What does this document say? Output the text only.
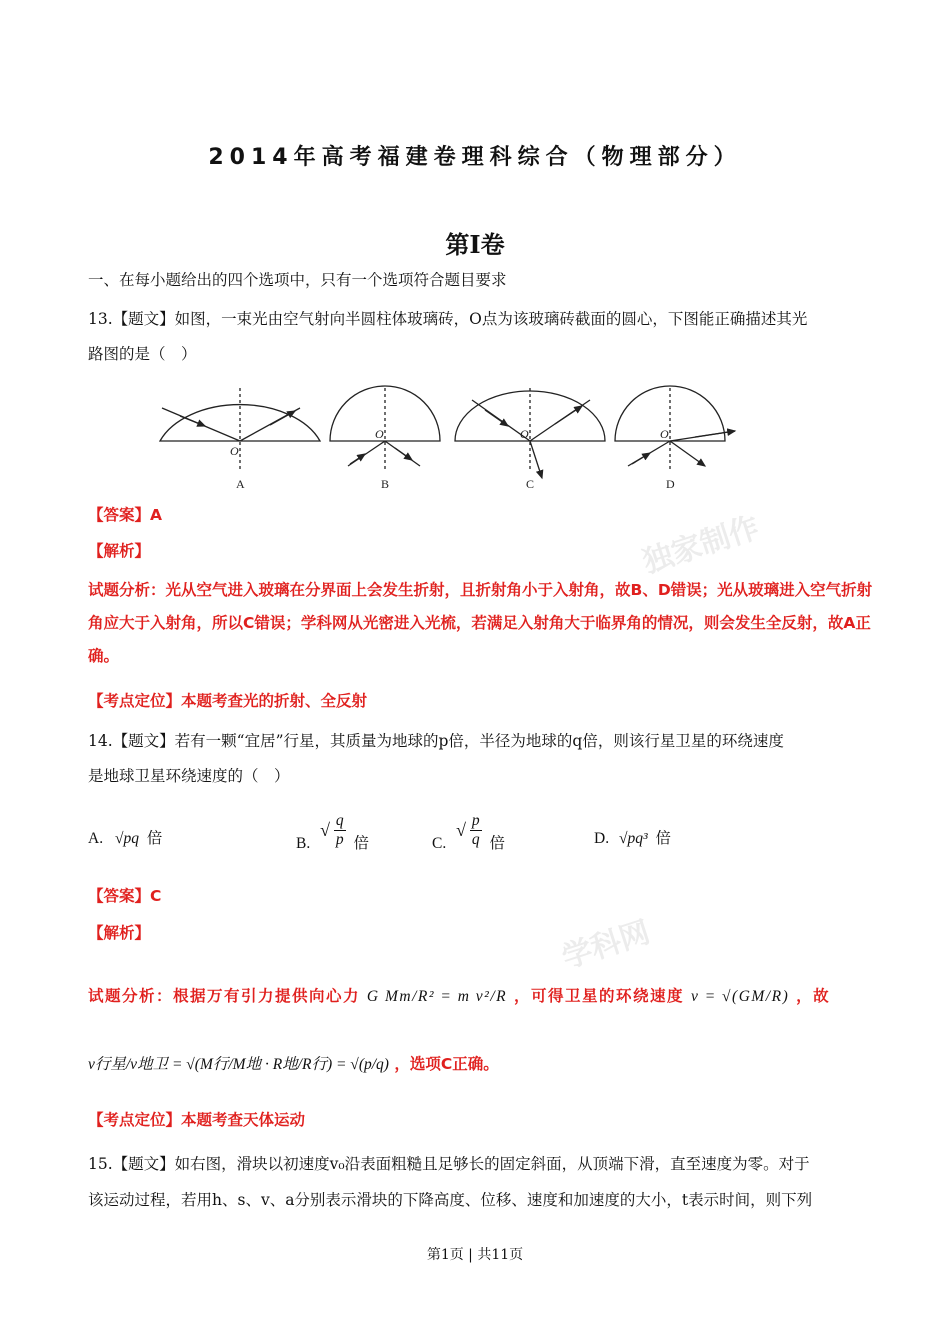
独家制作
学科网
2014年高考福建卷理科综合（物理部分）
第I卷
一、在每小题给出的四个选项中，只有一个选项符合题目要求
13.【题文】如图，一束光由空气射向半圆柱体玻璃砖，O点为该玻璃砖截面的圆心，下图能正确描述其光
路图的是（　）
O
O	O	O
A	B	C	D
【答案】A
【解析】
试题分析：光从空气进入玻璃在分界面上会发生折射，且折射角小于入射角，故B、D错误；光从玻璃进入空气折射角应大于入射角，所以C错误；学科网从光密进入光梳，若满足入射角大于临界角的情况，则会发生全反射，故A正确。
【考点定位】本题考查光的折射、全反射
14.【题文】若有一颗“宜居”行星，其质量为地球的p倍，半径为地球的q倍，则该行星卫星的环绕速度
是地球卫星环绕速度的（　）
A. √pq 倍	B. √ $\frac{q}{p}$ 倍	C. √ $\frac{p}{q}$ 倍	D. √pq³ 倍
【答案】C
【解析】
试题分析：根据万有引力提供向心力 G Mm/R² = m v²/R ，可得卫星的环绕速度 v = √(GM/R) ，故
v行星/v地卫 = √(M行/M地 · R地/R行) = √(p/q) ，选项C正确。
【考点定位】本题考查天体运动
15.【题文】如右图，滑块以初速度v₀沿表面粗糙且足够长的固定斜面，从顶端下滑，直至速度为零。对于
该运动过程，若用h、s、v、a分别表示滑块的下降高度、位移、速度和加速度的大小，t表示时间，则下列
第1页 | 共11页
